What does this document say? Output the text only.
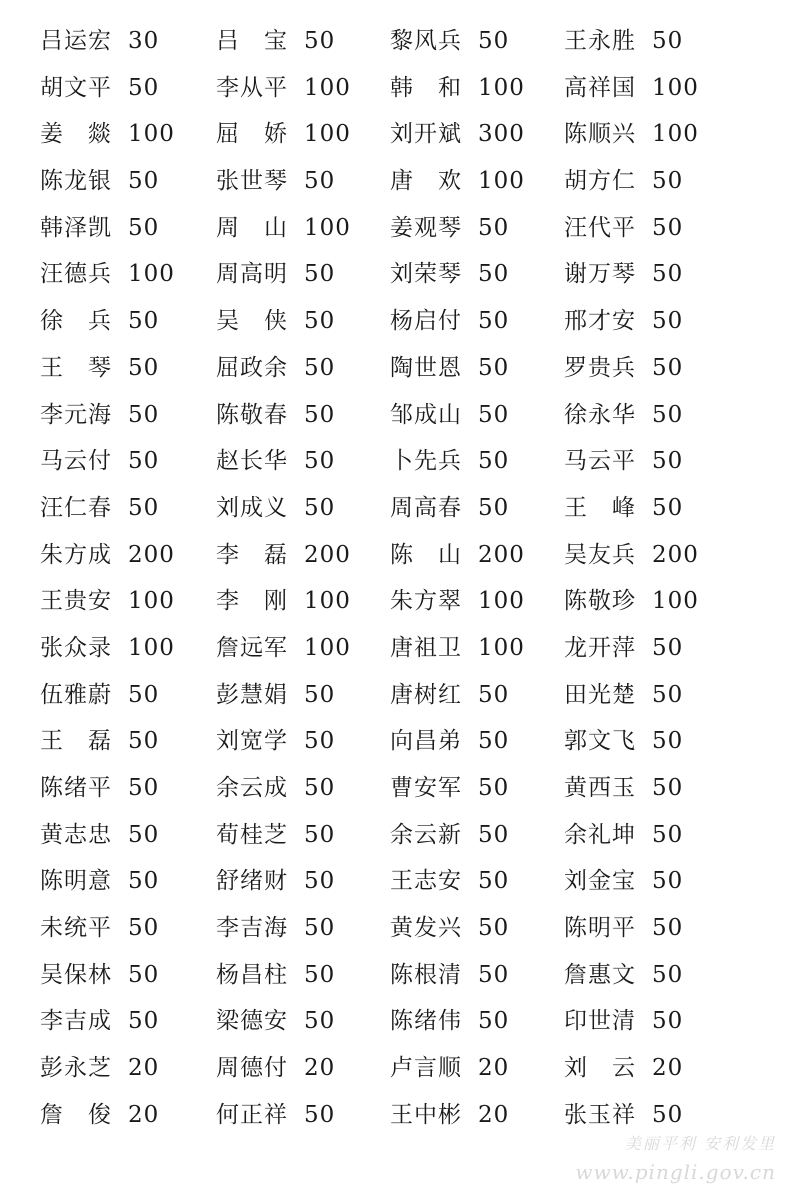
吕运宏 30 吕　宝 50 黎风兵 50 王永胜 50
胡文平 50 李从平 100 韩　和 100 高祥国 100
姜　燚 100 屈　娇 100 刘开斌 300 陈顺兴 100
陈龙银 50 张世琴 50 唐　欢 100 胡方仁 50
韩泽凯 50 周　山 100 姜观琴 50 汪代平 50
汪德兵 100 周高明 50 刘荣琴 50 谢万琴 50
徐　兵 50 吴　侠 50 杨启付 50 邢才安 50
王　琴 50 屈政余 50 陶世恩 50 罗贵兵 50
李元海 50 陈敬春 50 邹成山 50 徐永华 50
马云付 50 赵长华 50 卜先兵 50 马云平 50
汪仁春 50 刘成义 50 周高春 50 王　峰 50
朱方成 200 李　磊 200 陈　山 200 吴友兵 200
王贵安 100 李　刚 100 朱方翠 100 陈敬珍 100
张众录 100 詹远军 100 唐祖卫 100 龙开萍 50
伍雅蔚 50 彭慧娟 50 唐树红 50 田光楚 50
王　磊 50 刘宽学 50 向昌弟 50 郭文飞 50
陈绪平 50 余云成 50 曹安军 50 黄西玉 50
黄志忠 50 荀桂芝 50 余云新 50 余礼坤 50
陈明意 50 舒绪财 50 王志安 50 刘金宝 50
未统平 50 李吉海 50 黄发兴 50 陈明平 50
吴保林 50 杨昌柱 50 陈根清 50 詹惠文 50
李吉成 50 梁德安 50 陈绪伟 50 印世清 50
彭永芝 20 周德付 20 卢言顺 20 刘　云 20
詹　俊 20 何正祥 50 王中彬 20 张玉祥 50
美丽平利 安利发里
www.pingli.gov.cn
